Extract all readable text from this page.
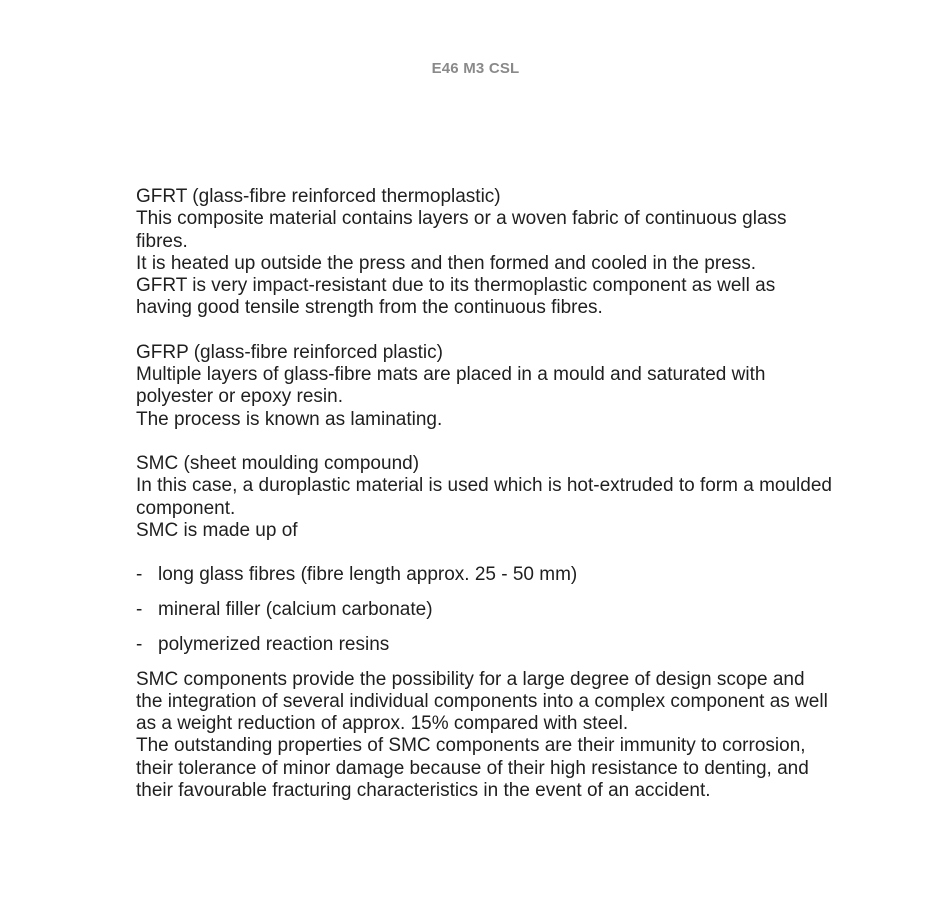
E46 M3 CSL

GFRT (glass-fibre reinforced thermoplastic)

This composite material contains layers or a woven fabric of continuous glass fibres.

It is heated up outside the press and then formed and cooled in the press.

GFRT is very impact-resistant due to its thermoplastic component as well as having good tensile strength from the continuous fibres.

GFRP (glass-fibre reinforced plastic)

Multiple layers of glass-fibre mats are placed in a mould and saturated with polyester or epoxy resin.

The process is known as laminating.

SMC (sheet moulding compound)

In this case, a duroplastic material is used which is hot-extruded to form a moulded component.

SMC is made up of

- long glass fibres (fibre length approx. 25 - 50 mm)
- mineral filler (calcium carbonate)
- polymerized reaction resins

SMC components provide the possibility for a large degree of design scope and the integration of several individual components into a complex component as well as a weight reduction of approx. 15% compared with steel.

The outstanding properties of SMC components are their immunity to corrosion, their tolerance of minor damage because of their high resistance to denting, and their favourable fracturing characteristics in the event of an accident.
